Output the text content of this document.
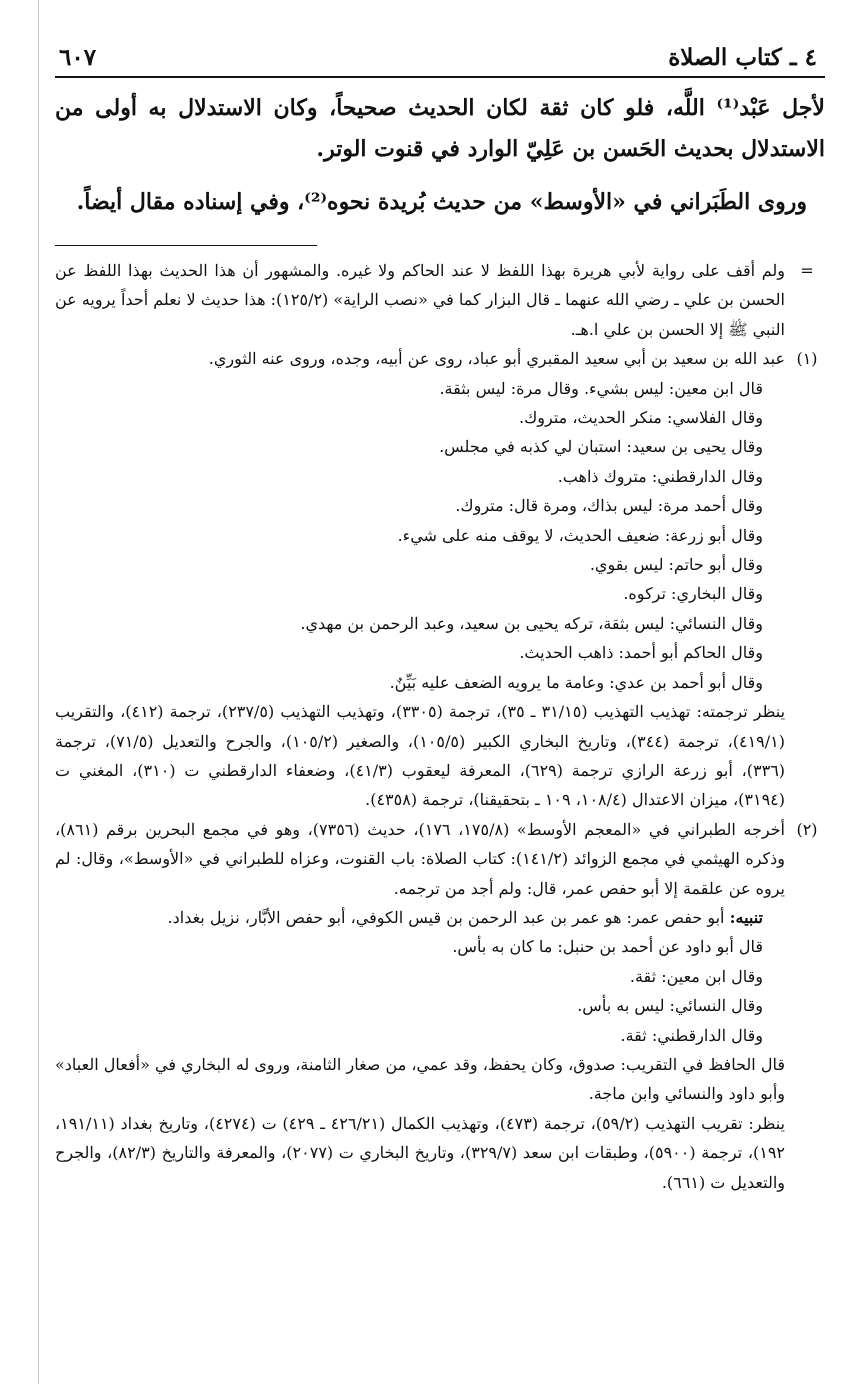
٤ ـ كتاب الصلاة
٦٠٧

لأجل عَبْد⁽¹⁾ اللَّه، فلو كان ثقة لكان الحديث صحيحاً، وكان الاستدلال به أولى من الاستدلال بحديث الحَسن بن عَلِيّ الوارد في قنوت الوتر.

وروى الطَبَراني في «الأوسط» من حديث بُريدة نحوه⁽²⁾، وفي إسناده مقال أيضاً.

=

ولم أقف على رواية لأبي هريرة بهذا اللفظ لا عند الحاكم ولا غيره. والمشهور أن هذا الحديث بهذا اللفظ عن الحسن بن علي ـ رضي الله عنهما ـ قال البزار كما في «نصب الراية» (١٢٥/٢): هذا حديث لا نعلم أحداً يرويه عن النبي ﷺ إلا الحسن بن علي ا.هـ.

(١)

عبد الله بن سعيد بن أبي سعيد المقبري أبو عباد، روى عن أبيه، وجده، وروى عنه الثوري.

قال ابن معين: ليس بشيء. وقال مرة: ليس بثقة.

وقال الفلاسي: منكر الحديث، متروك.

وقال يحيى بن سعيد: استبان لي كذبه في مجلس.

وقال الدارقطني: متروك ذاهب.

وقال أحمد مرة: ليس بذاك، ومرة قال: متروك.

وقال أبو زرعة: ضعيف الحديث، لا يوقف منه على شيء.

وقال أبو حاتم: ليس بقوي.

وقال البخاري: تركوه.

وقال النسائي: ليس بثقة، تركه يحيى بن سعيد، وعبد الرحمن بن مهدي.

وقال الحاكم أبو أحمد: ذاهب الحديث.

وقال أبو أحمد بن عدي: وعامة ما يرويه الضعف عليه بَيِّنٌ.

ينظر ترجمته: تهذيب التهذيب (٣١/١٥ ـ ٣٥)، ترجمة (٣٣٠٥)، وتهذيب التهذيب (٢٣٧/٥)، ترجمة (٤١٢)، والتقريب (٤١٩/١)، ترجمة (٣٤٤)، وتاريخ البخاري الكبير (١٠٥/٥)، والصغير (١٠٥/٢)، والجرح والتعديل (٧١/٥)، ترجمة (٣٣٦)، أبو زرعة الرازي ترجمة (٦٢٩)، المعرفة ليعقوب (٤١/٣)، وضعفاء الدارقطني ت (٣١٠)، المغني ت (٣١٩٤)، ميزان الاعتدال (١٠٨/٤، ١٠٩ ـ بتحقيقنا)، ترجمة (٤٣٥٨).

(٢)

أخرجه الطبراني في «المعجم الأوسط» (١٧٥/٨، ١٧٦)، حديث (٧٣٥٦)، وهو في مجمع البحرين برقم (٨٦١)، وذكره الهيثمي في مجمع الزوائد (١٤١/٢): كتاب الصلاة: باب القنوت، وعزاه للطبراني في «الأوسط»، وقال: لم يروه عن علقمة إلا أبو حفص عمر، قال: ولم أجد من ترجمه.

تنبيه: أبو حفص عمر: هو عمر بن عبد الرحمن بن قيس الكوفي، أبو حفص الأبَّار، نزيل بغداد.

قال أبو داود عن أحمد بن حنبل: ما كان به بأس.

وقال ابن معين: ثقة.

وقال النسائي: ليس به بأس.

وقال الدارقطني: ثقة.

قال الحافظ في التقريب: صدوق، وكان يحفظ، وقد عمي، من صغار الثامنة، وروى له البخاري في «أفعال العباد» وأبو داود والنسائي وابن ماجة.

ينظر: تقريب التهذيب (٥٩/٢)، ترجمة (٤٧٣)، وتهذيب الكمال (٤٢٦/٢١ ـ ٤٢٩) ت (٤٢٧٤)، وتاريخ بغداد (١٩١/١١، ١٩٢)، ترجمة (٥٩٠٠)، وطبقات ابن سعد (٣٢٩/٧)، وتاريخ البخاري ت (٢٠٧٧)، والمعرفة والتاريخ (٨٢/٣)، والجرح والتعديل ت (٦٦١).
